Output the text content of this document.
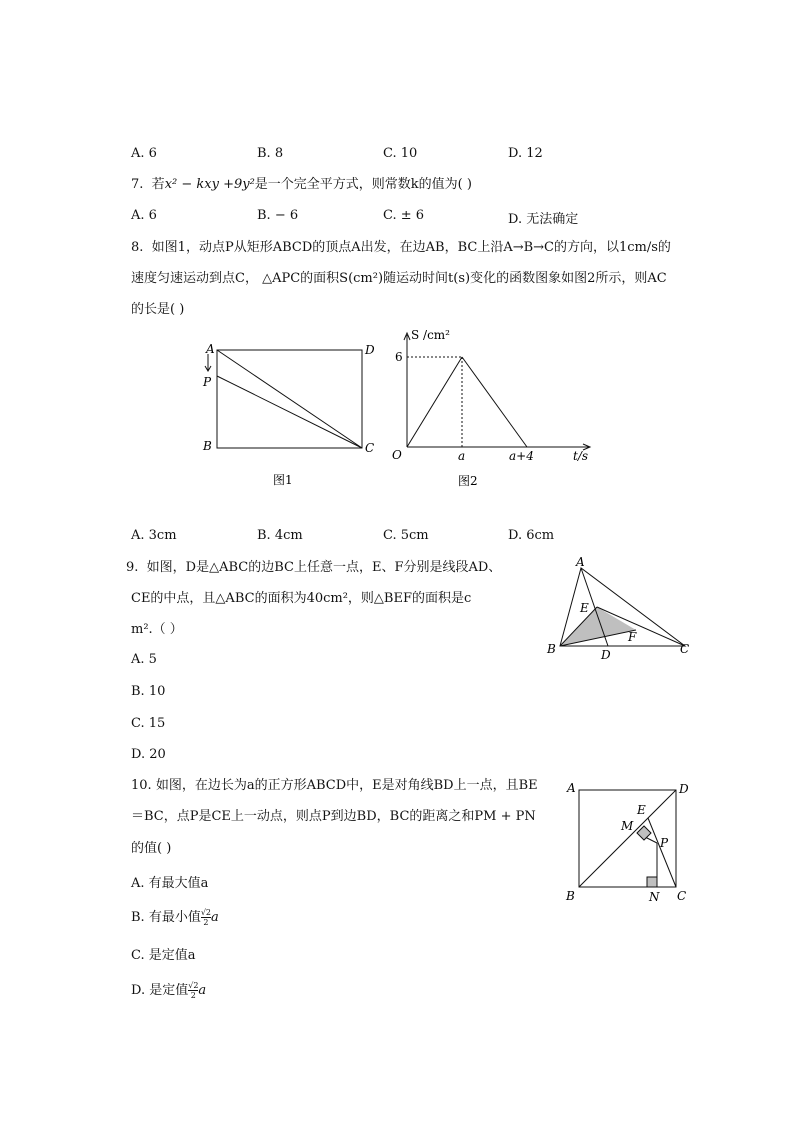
A. 6	B. 8	C. 10	D. 12
7. 若x² − kxy +9y²是一个完全平方式，则常数k的值为( )
A. 6	B. − 6	C. ± 6	D. 无法确定
8. 如图1，动点P从矩形ABCD的顶点A出发，在边AB，BC上沿A→B→C的方向，以1cm/s的
速度匀速运动到点C， △APC的面积S(cm²)随运动时间t(s)变化的函数图象如图2所示，则AC
的长是( )
A
P
B	C
D
图1
S /cm²
6
O	a	a+4	t/s
图2
A. 3cm	B. 4cm	C. 5cm	D. 6cm
9. 如图，D是△ABC的边BC上任意一点，E、F分别是线段AD、
CE的中点，且△ABC的面积为40cm²，则△BEF的面积是c
m².（ ）
A. 5
B. 10
C. 15
D. 20
A
E
F
B	D	C
10. 如图，在边长为a的正方形ABCD中，E是对角线BD上一点，且BE
＝BC，点P是CE上一动点，则点P到边BD，BC的距离之和PM + PN
的值( )
A. 有最大值a
B. 有最小值 $\frac{√2}{2}$ a
C. 是定值a
D. 是定值 $\frac{√2}{2}$ a
A	D
E
M
P
B	N C
